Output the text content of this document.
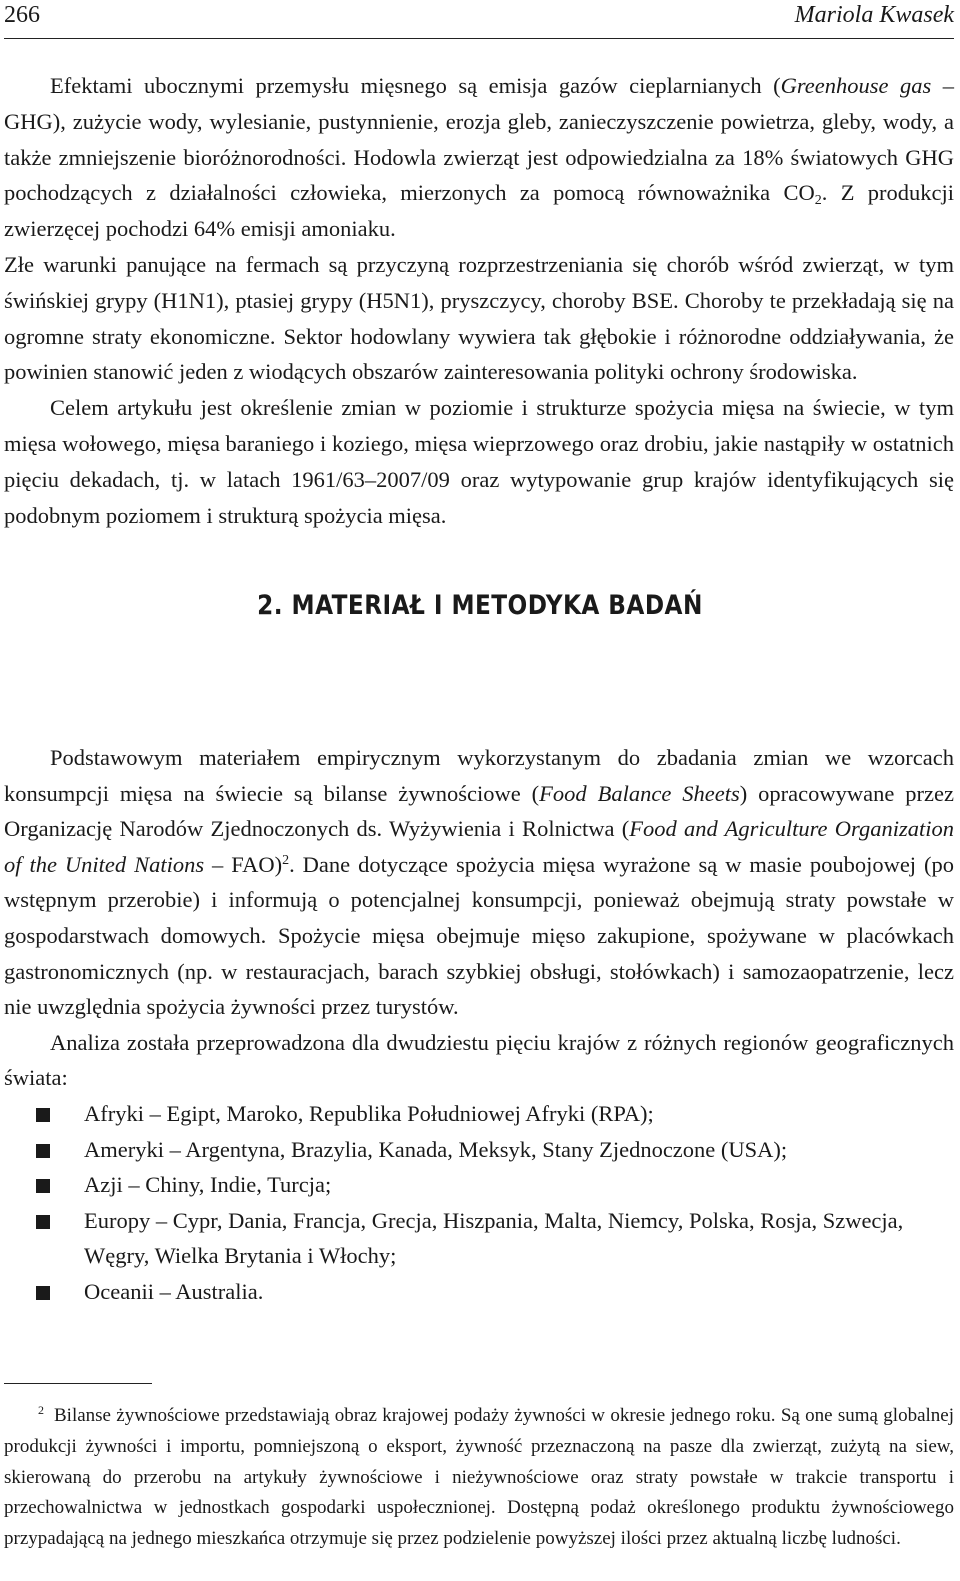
266	Mariola Kwasek

Efektami ubocznymi przemysłu mięsnego są emisja gazów cieplarnianych (Greenhouse gas – GHG), zużycie wody, wylesianie, pustynnienie, erozja gleb, zanieczyszczenie powietrza, gleby, wody, a także zmniejszenie bioróżnorodności. Hodowla zwierząt jest odpowiedzialna za 18% światowych GHG pochodzących z działalności człowieka, mierzonych za pomocą równoważnika $CO_2$. Z produkcji zwierzęcej pochodzi 64% emisji amoniaku.

Złe warunki panujące na fermach są przyczyną rozprzestrzeniania się chorób wśród zwierząt, w tym świńskiej grypy (H1N1), ptasiej grypy (H5N1), pryszczycy, choroby BSE. Choroby te przekładają się na ogromne straty ekonomiczne. Sektor hodowlany wywiera tak głębokie i różnorodne oddziaływania, że powinien stanowić jeden z wiodących obszarów zainteresowania polityki ochrony środowiska.

Celem artykułu jest określenie zmian w poziomie i strukturze spożycia mięsa na świecie, w tym mięsa wołowego, mięsa baraniego i koziego, mięsa wieprzowego oraz drobiu, jakie nastąpiły w ostatnich pięciu dekadach, tj. w latach 1961/63–2007/09 oraz wytypowanie grup krajów identyfikujących się podobnym poziomem i strukturą spożycia mięsa.

2. MATERIAŁ I METODYKA BADAŃ

Podstawowym materiałem empirycznym wykorzystanym do zbadania zmian we wzorcach konsumpcji mięsa na świecie są bilanse żywnościowe (Food Balance Sheets) opracowywane przez Organizację Narodów Zjednoczonych ds. Wyżywienia i Rolnictwa (Food and Agriculture Organization of the United Nations – FAO)$^2$. Dane dotyczące spożycia mięsa wyrażone są w masie poubojowej (po wstępnym przerobie) i informują o potencjalnej konsumpcji, ponieważ obejmują straty powstałe w gospodarstwach domowych. Spożycie mięsa obejmuje mięso zakupione, spożywane w placówkach gastronomicznych (np. w restauracjach, barach szybkiej obsługi, stołówkach) i samozaopatrzenie, lecz nie uwzględnia spożycia żywności przez turystów.

Analiza została przeprowadzona dla dwudziestu pięciu krajów z różnych regionów geograficznych świata:

Afryki – Egipt, Maroko, Republika Południowej Afryki (RPA);
Ameryki – Argentyna, Brazylia, Kanada, Meksyk, Stany Zjednoczone (USA);
Azji – Chiny, Indie, Turcja;
Europy – Cypr, Dania, Francja, Grecja, Hiszpania, Malta, Niemcy, Polska, Rosja, Szwecja, Węgry, Wielka Brytania i Włochy;
Oceanii – Australia.

$^2$ Bilanse żywnościowe przedstawiają obraz krajowej podaży żywności w okresie jednego roku. Są one sumą globalnej produkcji żywności i importu, pomniejszoną o eksport, żywność przeznaczoną na pasze dla zwierząt, zużytą na siew, skierowaną do przerobu na artykuły żywnościowe i nieżywnościowe oraz straty powstałe w trakcie transportu i przechowalnictwa w jednostkach gospodarki uspołecznionej. Dostępną podaż określonego produktu żywnościowego przypadającą na jednego mieszkańca otrzymuje się przez podzielenie powyższej ilości przez aktualną liczbę ludności.
